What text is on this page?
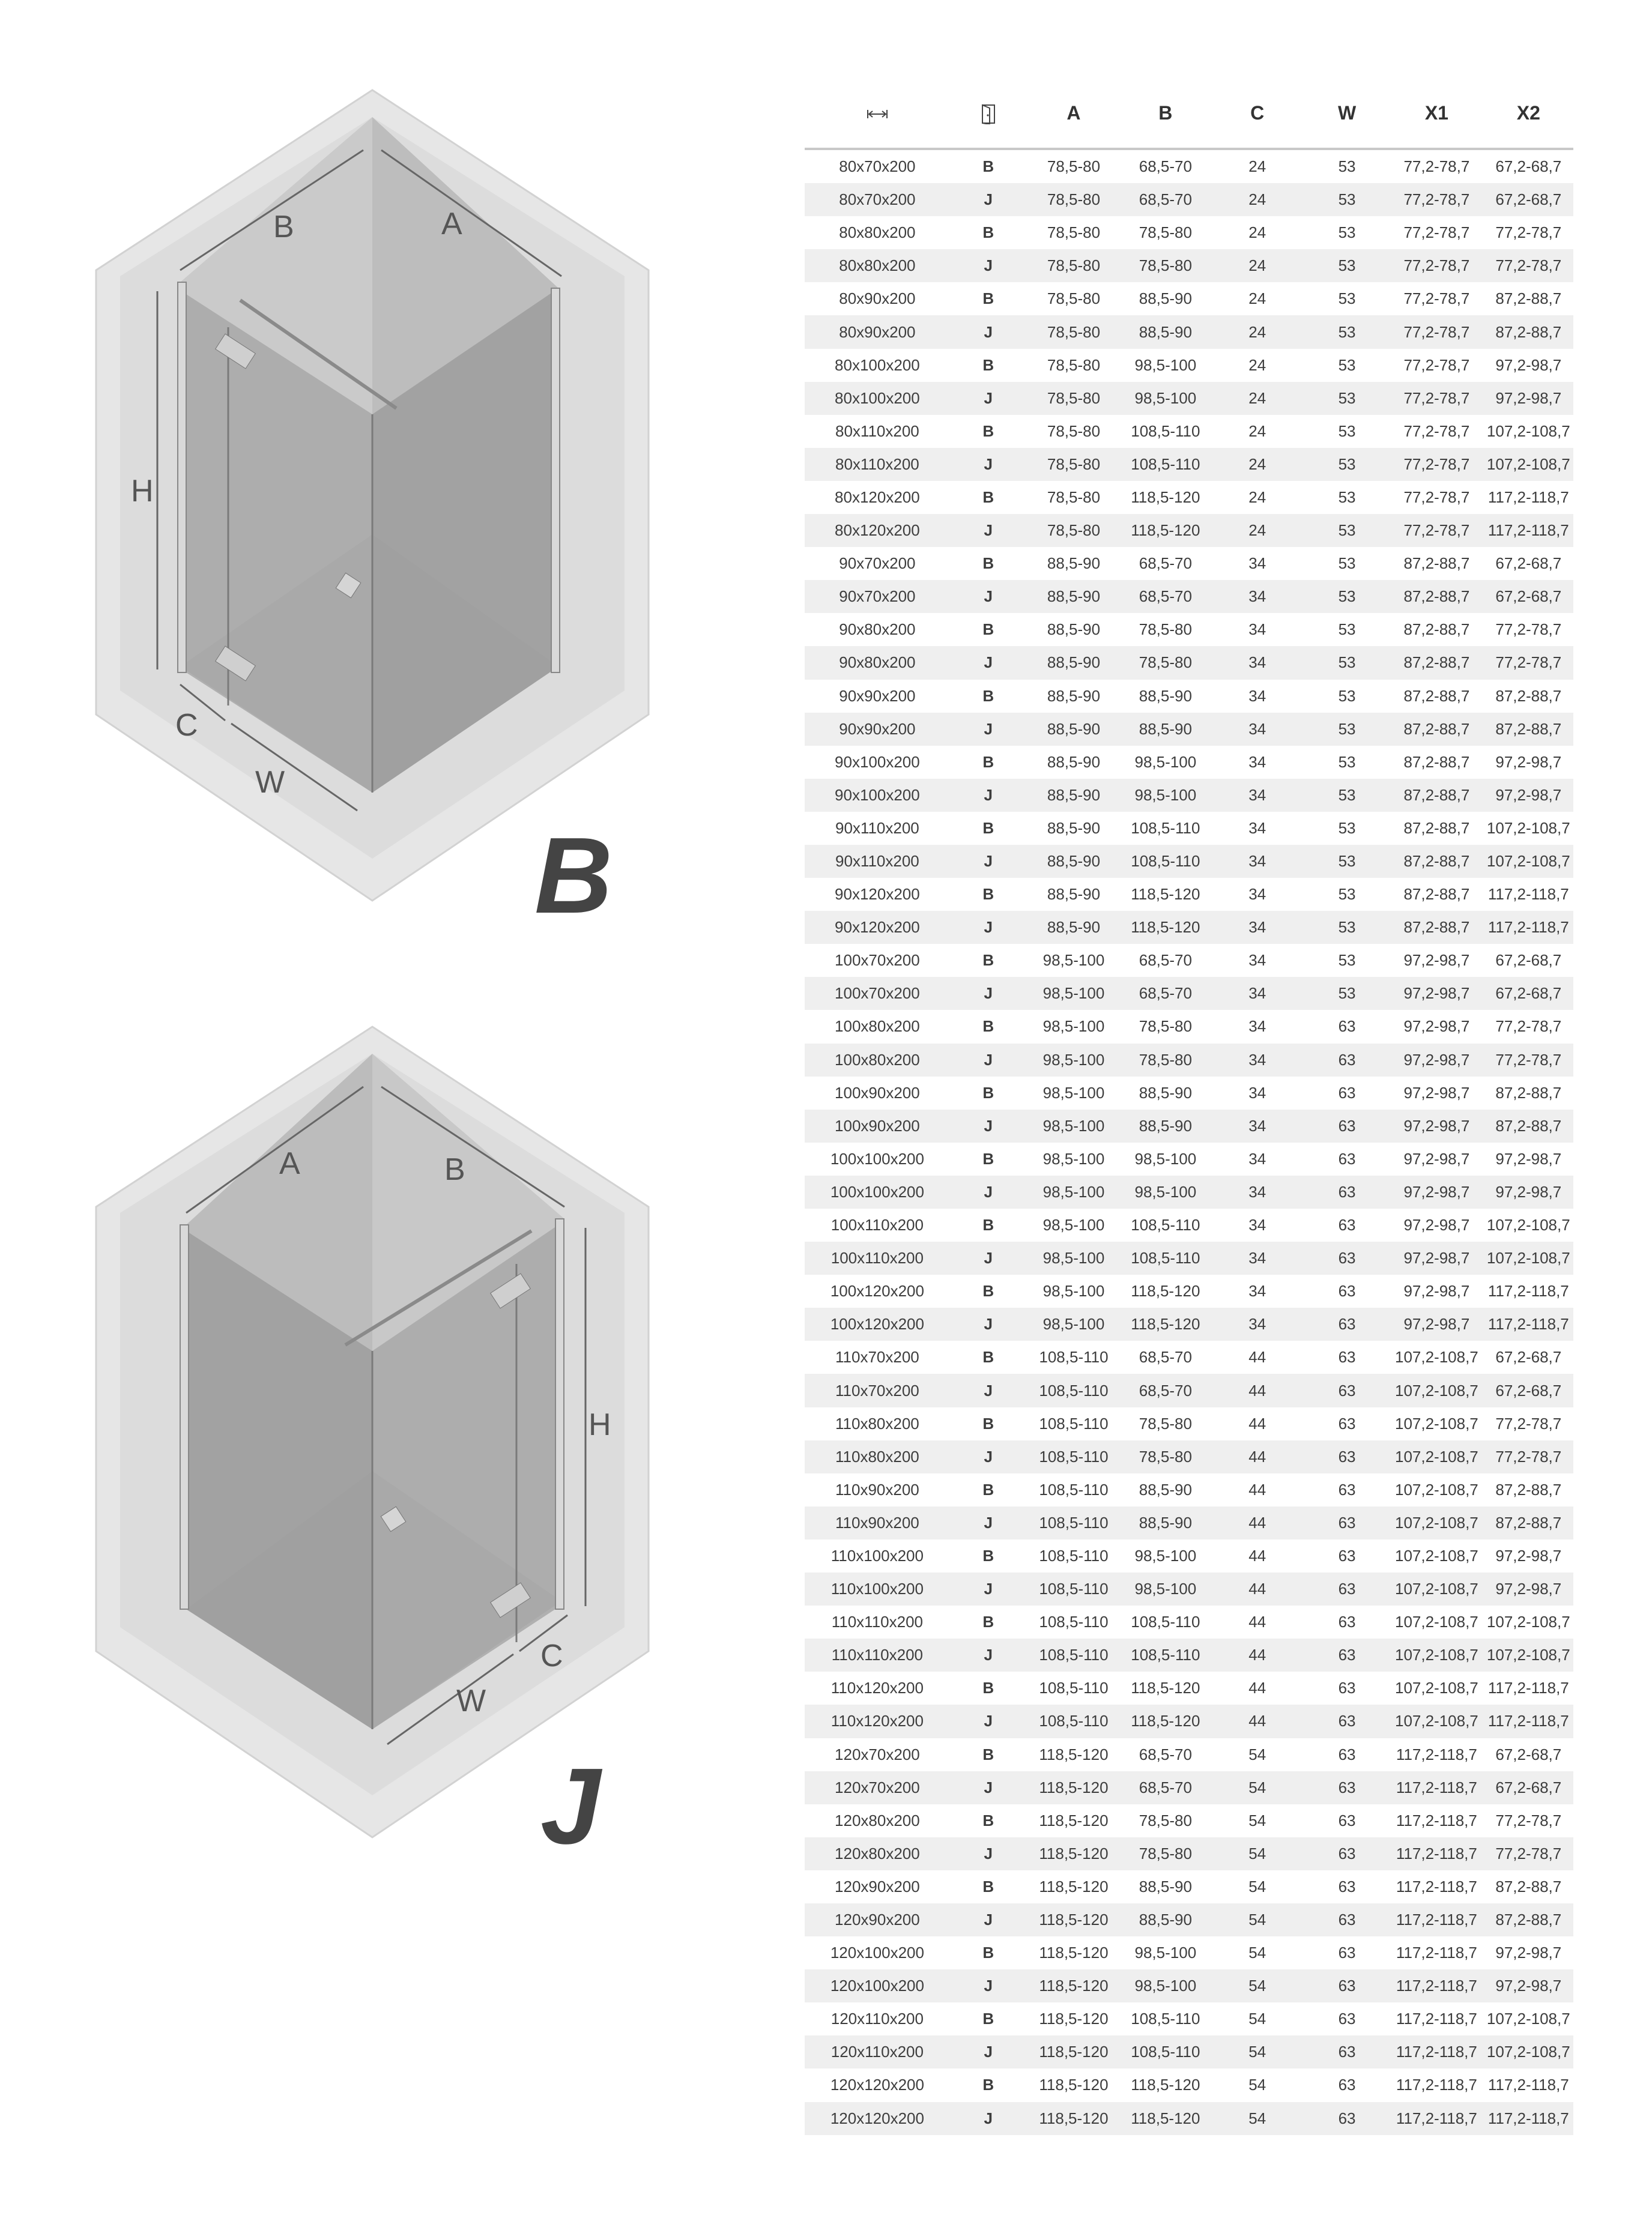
B	A
H
C
W
B
A	B
H
C
W
J
		A	B	C	W	X1	X2
80x70x200	B	78,5-80	68,5-70	24	53	77,2-78,7	67,2-68,7
80x70x200	J	78,5-80	68,5-70	24	53	77,2-78,7	67,2-68,7
80x80x200	B	78,5-80	78,5-80	24	53	77,2-78,7	77,2-78,7
80x80x200	J	78,5-80	78,5-80	24	53	77,2-78,7	77,2-78,7
80x90x200	B	78,5-80	88,5-90	24	53	77,2-78,7	87,2-88,7
80x90x200	J	78,5-80	88,5-90	24	53	77,2-78,7	87,2-88,7
80x100x200	B	78,5-80	98,5-100	24	53	77,2-78,7	97,2-98,7
80x100x200	J	78,5-80	98,5-100	24	53	77,2-78,7	97,2-98,7
80x110x200	B	78,5-80	108,5-110	24	53	77,2-78,7	107,2-108,7
80x110x200	J	78,5-80	108,5-110	24	53	77,2-78,7	107,2-108,7
80x120x200	B	78,5-80	118,5-120	24	53	77,2-78,7	117,2-118,7
80x120x200	J	78,5-80	118,5-120	24	53	77,2-78,7	117,2-118,7
90x70x200	B	88,5-90	68,5-70	34	53	87,2-88,7	67,2-68,7
90x70x200	J	88,5-90	68,5-70	34	53	87,2-88,7	67,2-68,7
90x80x200	B	88,5-90	78,5-80	34	53	87,2-88,7	77,2-78,7
90x80x200	J	88,5-90	78,5-80	34	53	87,2-88,7	77,2-78,7
90x90x200	B	88,5-90	88,5-90	34	53	87,2-88,7	87,2-88,7
90x90x200	J	88,5-90	88,5-90	34	53	87,2-88,7	87,2-88,7
90x100x200	B	88,5-90	98,5-100	34	53	87,2-88,7	97,2-98,7
90x100x200	J	88,5-90	98,5-100	34	53	87,2-88,7	97,2-98,7
90x110x200	B	88,5-90	108,5-110	34	53	87,2-88,7	107,2-108,7
90x110x200	J	88,5-90	108,5-110	34	53	87,2-88,7	107,2-108,7
90x120x200	B	88,5-90	118,5-120	34	53	87,2-88,7	117,2-118,7
90x120x200	J	88,5-90	118,5-120	34	53	87,2-88,7	117,2-118,7
100x70x200	B	98,5-100	68,5-70	34	53	97,2-98,7	67,2-68,7
100x70x200	J	98,5-100	68,5-70	34	53	97,2-98,7	67,2-68,7
100x80x200	B	98,5-100	78,5-80	34	63	97,2-98,7	77,2-78,7
100x80x200	J	98,5-100	78,5-80	34	63	97,2-98,7	77,2-78,7
100x90x200	B	98,5-100	88,5-90	34	63	97,2-98,7	87,2-88,7
100x90x200	J	98,5-100	88,5-90	34	63	97,2-98,7	87,2-88,7
100x100x200	B	98,5-100	98,5-100	34	63	97,2-98,7	97,2-98,7
100x100x200	J	98,5-100	98,5-100	34	63	97,2-98,7	97,2-98,7
100x110x200	B	98,5-100	108,5-110	34	63	97,2-98,7	107,2-108,7
100x110x200	J	98,5-100	108,5-110	34	63	97,2-98,7	107,2-108,7
100x120x200	B	98,5-100	118,5-120	34	63	97,2-98,7	117,2-118,7
100x120x200	J	98,5-100	118,5-120	34	63	97,2-98,7	117,2-118,7
110x70x200	B	108,5-110	68,5-70	44	63	107,2-108,7	67,2-68,7
110x70x200	J	108,5-110	68,5-70	44	63	107,2-108,7	67,2-68,7
110x80x200	B	108,5-110	78,5-80	44	63	107,2-108,7	77,2-78,7
110x80x200	J	108,5-110	78,5-80	44	63	107,2-108,7	77,2-78,7
110x90x200	B	108,5-110	88,5-90	44	63	107,2-108,7	87,2-88,7
110x90x200	J	108,5-110	88,5-90	44	63	107,2-108,7	87,2-88,7
110x100x200	B	108,5-110	98,5-100	44	63	107,2-108,7	97,2-98,7
110x100x200	J	108,5-110	98,5-100	44	63	107,2-108,7	97,2-98,7
110x110x200	B	108,5-110	108,5-110	44	63	107,2-108,7	107,2-108,7
110x110x200	J	108,5-110	108,5-110	44	63	107,2-108,7	107,2-108,7
110x120x200	B	108,5-110	118,5-120	44	63	107,2-108,7	117,2-118,7
110x120x200	J	108,5-110	118,5-120	44	63	107,2-108,7	117,2-118,7
120x70x200	B	118,5-120	68,5-70	54	63	117,2-118,7	67,2-68,7
120x70x200	J	118,5-120	68,5-70	54	63	117,2-118,7	67,2-68,7
120x80x200	B	118,5-120	78,5-80	54	63	117,2-118,7	77,2-78,7
120x80x200	J	118,5-120	78,5-80	54	63	117,2-118,7	77,2-78,7
120x90x200	B	118,5-120	88,5-90	54	63	117,2-118,7	87,2-88,7
120x90x200	J	118,5-120	88,5-90	54	63	117,2-118,7	87,2-88,7
120x100x200	B	118,5-120	98,5-100	54	63	117,2-118,7	97,2-98,7
120x100x200	J	118,5-120	98,5-100	54	63	117,2-118,7	97,2-98,7
120x110x200	B	118,5-120	108,5-110	54	63	117,2-118,7	107,2-108,7
120x110x200	J	118,5-120	108,5-110	54	63	117,2-118,7	107,2-108,7
120x120x200	B	118,5-120	118,5-120	54	63	117,2-118,7	117,2-118,7
120x120x200	J	118,5-120	118,5-120	54	63	117,2-118,7	117,2-118,7
